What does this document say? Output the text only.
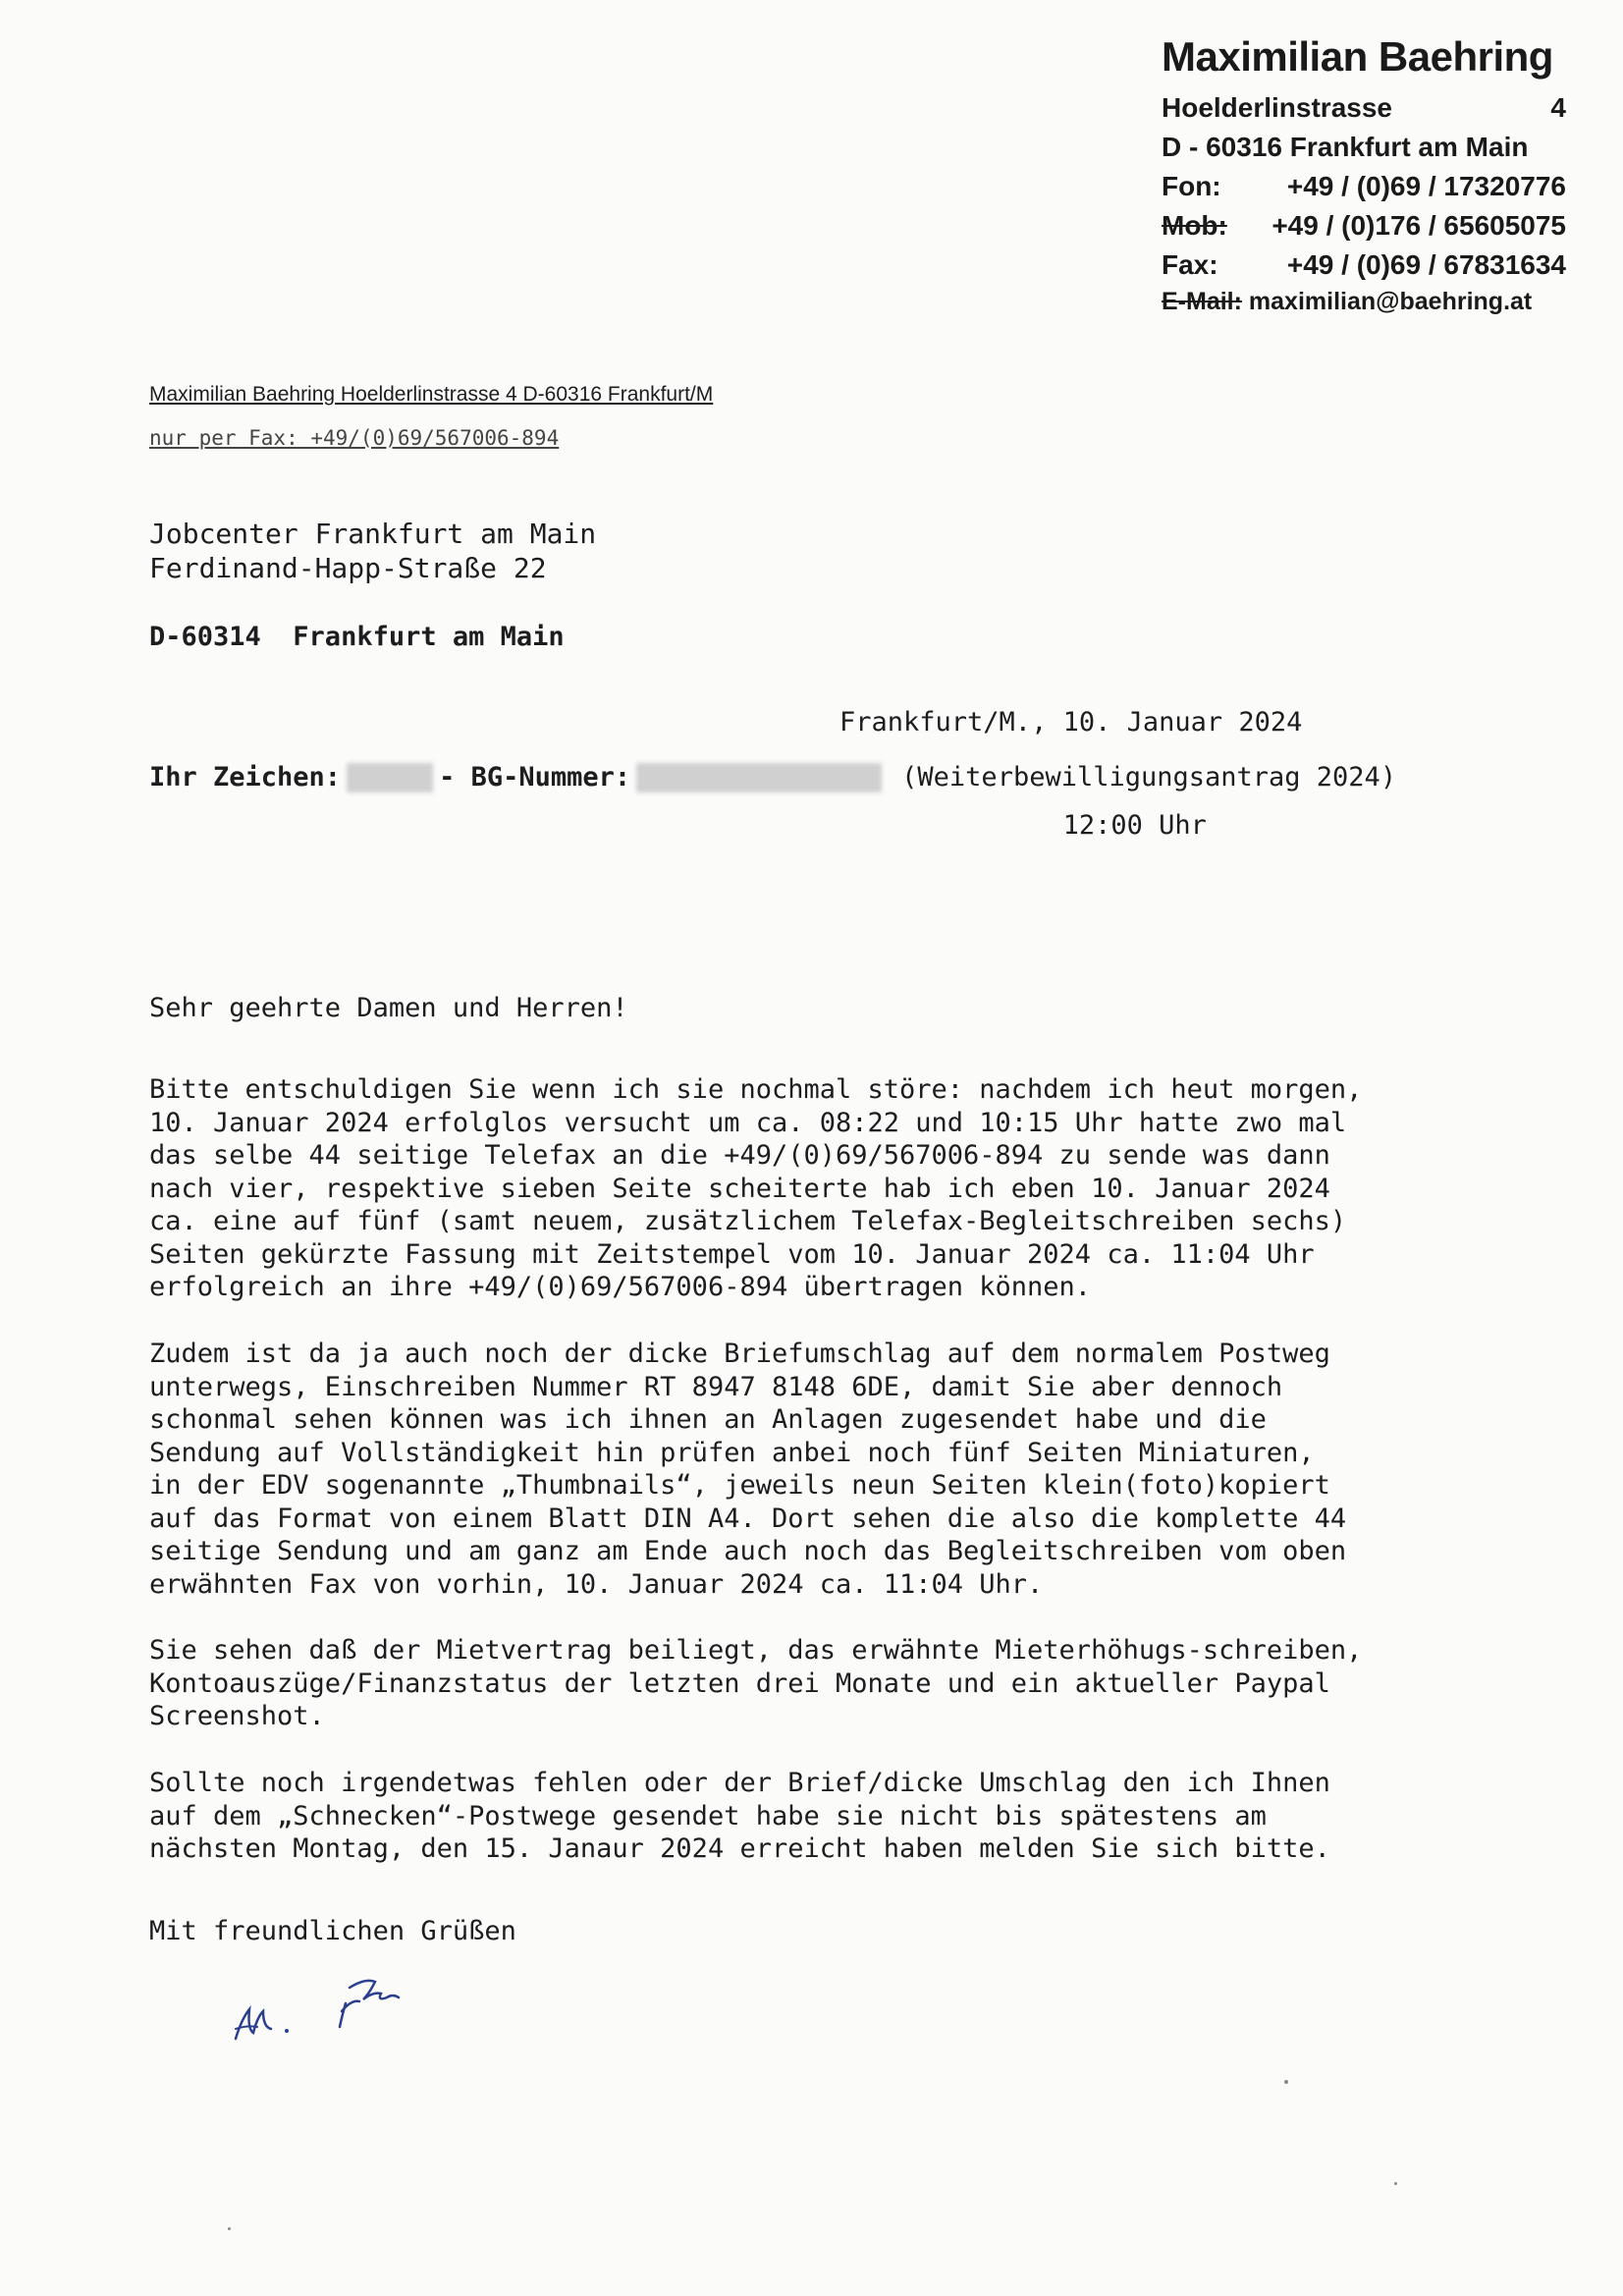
Maximilian Baehring
Hoelderlinstrasse	4
D - 60316 Frankfurt am Main
Fon:	+49 / (0)69 / 17320776
Mob:	+49 / (0)176 / 65605075
Fax:	+49 / (0)69 / 67831634
E-Mail: maximilian@baehring.at
Maximilian Baehring Hoelderlinstrasse 4 D-60316 Frankfurt/M
nur per Fax: +49/(0)69/567006-894
Jobcenter Frankfurt am Main
Ferdinand-Happ-Straße 22
D-60314  Frankfurt am Main

Frankfurt/M., 10. Januar 2024

12:00 Uhr

Ihr Zeichen:	- BG-Nummer:	(Weiterbewilligungsantrag 2024)
Sehr geehrte Damen und Herren!
Bitte entschuldigen Sie wenn ich sie nochmal störe: nachdem ich heut morgen,
10. Januar 2024 erfolglos versucht um ca. 08:22 und 10:15 Uhr hatte zwo mal
das selbe 44 seitige Telefax an die +49/(0)69/567006-894 zu sende was dann
nach vier, respektive sieben Seite scheiterte hab ich eben 10. Januar 2024
ca. eine auf fünf (samt neuem, zusätzlichem Telefax-Begleitschreiben sechs)
Seiten gekürzte Fassung mit Zeitstempel vom 10. Januar 2024 ca. 11:04 Uhr
erfolgreich an ihre +49/(0)69/567006-894 übertragen können.
Zudem ist da ja auch noch der dicke Briefumschlag auf dem normalem Postweg
unterwegs, Einschreiben Nummer RT 8947 8148 6DE, damit Sie aber dennoch
schonmal sehen können was ich ihnen an Anlagen zugesendet habe und die
Sendung auf Vollständigkeit hin prüfen anbei noch fünf Seiten Miniaturen,
in der EDV sogenannte „Thumbnails“, jeweils neun Seiten klein(foto)kopiert
auf das Format von einem Blatt DIN A4. Dort sehen die also die komplette 44
seitige Sendung und am ganz am Ende auch noch das Begleitschreiben vom oben
erwähnten Fax von vorhin, 10. Januar 2024 ca. 11:04 Uhr.
Sie sehen daß der Mietvertrag beiliegt, das erwähnte Mieterhöhugs-schreiben,
Kontoauszüge/Finanzstatus der letzten drei Monate und ein aktueller Paypal
Screenshot.
Sollte noch irgendetwas fehlen oder der Brief/dicke Umschlag den ich Ihnen
auf dem „Schnecken“-Postwege gesendet habe sie nicht bis spätestens am
nächsten Montag, den 15. Janaur 2024 erreicht haben melden Sie sich bitte.
Mit freundlichen Grüßen
